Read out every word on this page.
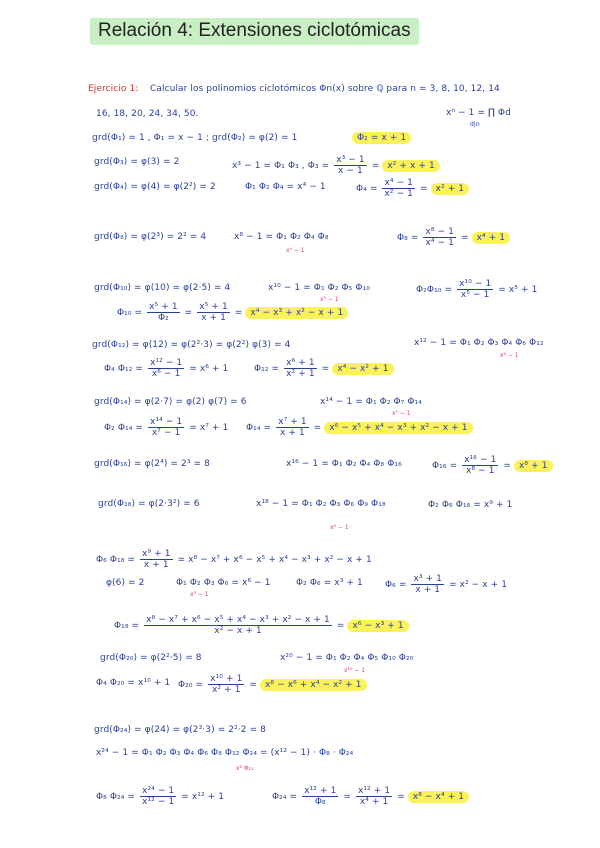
Relación 4: Extensiones ciclotómicas
Ejercicio 1: Calcular los polinomios ciclotómicos Φn(x) sobre ℚ para n = 3, 8, 10, 12, 14
16, 18, 20, 24, 34, 50.	xⁿ − 1 = ∏ Φd
d|n
grd(Φ₁) = 1 , Φ₁ = x − 1 ; grd(Φ₂) = φ(2) = 1	Φ₂ = x + 1
grd(Φ₃) = φ(3) = 2	x³ − 1 = Φ₁ Φ₃ , $\Phi_3 = \frac{\text{x³ − 1}}{x - 1} = x^2 + x + 1$
grd(Φ₄) = φ(4) = φ(2²) = 2	Φ₁ Φ₂ Φ₄ = x⁴ − 1	$\Phi_4 = \frac{\text{x⁴ − 1}}{\text{x² − 1}} = x^2 + 1$
grd(Φ₈) = φ(2³) = 2² = 4	x⁸ − 1 = Φ₁ Φ₂ Φ₄ Φ₈
x⁴ − 1
$\Phi_8 = \frac{\text{x⁸ − 1}}{\text{x⁴ − 1}} = x^4 + 1$
grd(Φ₁₀) = φ(10) = φ(2·5) = 4	x¹⁰ − 1 = Φ₁ Φ₂ Φ₅ Φ₁₀
x⁵ − 1
$\Phi_2\Phi_{10} = \frac{\text{x¹⁰ − 1}}{\text{x⁵ − 1}} = x^5 + 1$
$\Phi_{10} = \frac{\text{x⁵ + 1}}{\text{Φ₂}} = \frac{\text{x⁵ + 1}}{x + 1} = x^4 - x^3 + x^2 - x + 1$
grd(Φ₁₂) = φ(12) = φ(2²·3) = φ(2²) φ(3) = 4	x¹² − 1 = Φ₁ Φ₂ Φ₃ Φ₄ Φ₆ Φ₁₂
x⁶ − 1
Φ₄ $\Phi_{12} = \frac{\text{x¹² − 1}}{\text{x⁶ − 1}} = x^6 + 1$	$\Phi_{12} = \frac{\text{x⁶ + 1}}{\text{x² + 1}} = x^4 - x^2 + 1$
grd(Φ₁₄) = φ(2·7) = φ(2) φ(7) = 6	x¹⁴ − 1 = Φ₁ Φ₂ Φ₇ Φ₁₄
x⁷ − 1
Φ₂ $\Phi_{14} = \frac{\text{x¹⁴ − 1}}{\text{x⁷ − 1}} = x^7 + 1$ $\Phi_{14} = \frac{\text{x⁷ + 1}}{x + 1} = x^6 - x^5 + x^4 - x^3 + x^2 - x + 1$
grd(Φ₁₆) = φ(2⁴) = 2³ = 8	x¹⁶ − 1 = Φ₁ Φ₂ Φ₄ Φ₈ Φ₁₆	$\Phi_{16} = \frac{\text{x¹⁶ − 1}}{\text{x⁸ − 1}} = x^8 + 1$
grd(Φ₁₈) = φ(2·3²) = 6	x¹⁸ − 1 = Φ₁ Φ₂ Φ₃ Φ₆ Φ₉ Φ₁₈
x⁹ − 1
Φ₂ Φ₆ Φ₁₈ = x⁹ + 1
Φ₆ $\Phi_{18} = \frac{\text{x⁹ + 1}}{x + 1} = x^8 - x^7 + x^6 - x^5 + x^4 - x^3 + x^2 - x + 1$
φ(6) = 2	Φ₁ Φ₂ Φ₃ Φ₆ = x⁶ − 1
x³ − 1
Φ₂ Φ₆ = x³ + 1 $\Phi_6 = \frac{\text{x³ + 1}}{x + 1} = x^2 - x + 1$
$\Phi_{18} = \frac{\text{x⁸ − x⁷ + x⁶ − x⁵ + x⁴ − x³ + x² − x + 1}}{\text{x² − x + 1}} = x^6 - x^3 + 1$
grd(Φ₂₀) = φ(2²·5) = 8	x²⁰ − 1 = Φ₁ Φ₂ Φ₄ Φ₅ Φ₁₀ Φ₂₀
x¹⁰ − 1
Φ₄ Φ₂₀ = x¹⁰ + 1 $\Phi_{20} = \frac{\text{x¹⁰ + 1}}{\text{x² + 1}} = x^8 - x^6 + x^4 - x^2 + 1$
grd(Φ₂₄) = φ(24) = φ(2³·3) = 2²·2 = 8
x²⁴ − 1 = Φ₁ Φ₂ Φ₃ Φ₄ Φ₆ Φ₈ Φ₁₂ Φ₂₄ = (x¹² − 1) · Φ₈ · Φ₂₄
x⁸ Φ₁₂
Φ₈ $\Phi_{24} = \frac{\text{x²⁴ − 1}}{\text{x¹² − 1}} = x^{12} + 1$	$\Phi_{24} = \frac{\text{x¹² + 1}}{\text{Φ₈}} = \frac{\text{x¹² + 1}}{\text{x⁴ + 1}} = x^8 - x^4 + 1$
